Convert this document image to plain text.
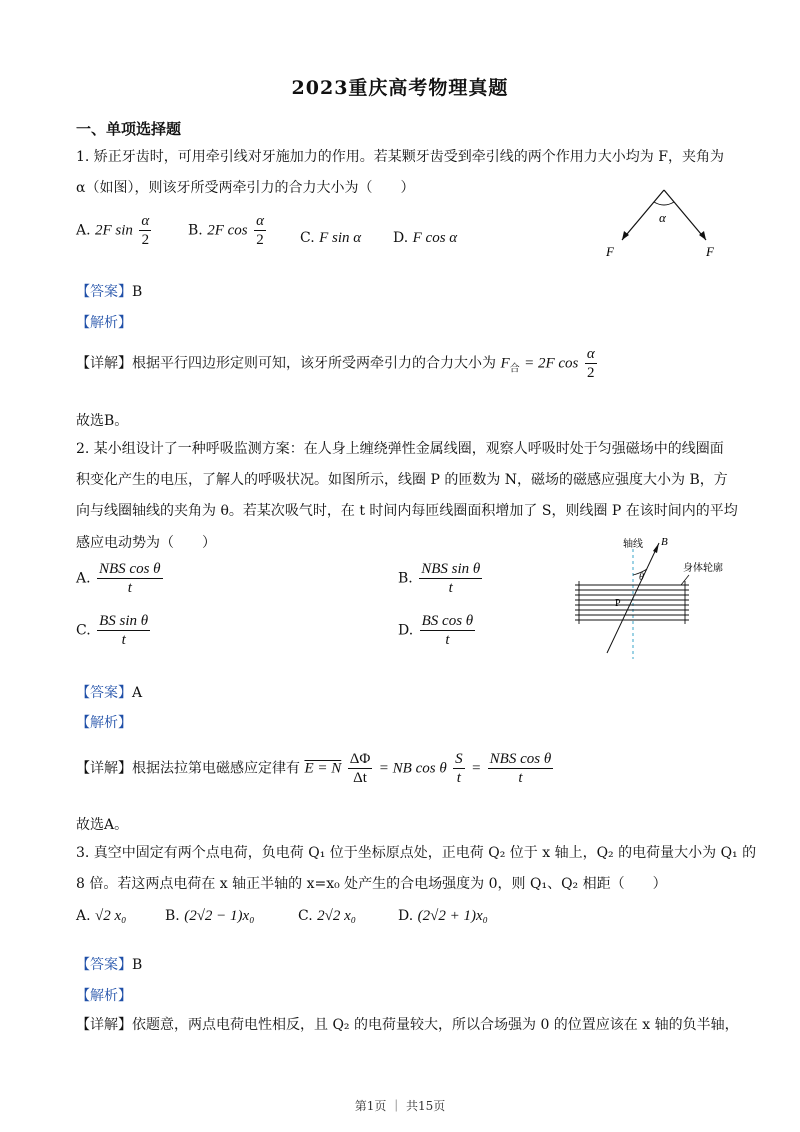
2023重庆高考物理真题
一、单项选择题
1. 矫正牙齿时，可用牵引线对牙施加力的作用。若某颗牙齿受到牵引线的两个作用力大小均为 F，夹角为
α（如图），则该牙所受两牵引力的合力大小为（　　）
A. 2F $\sin \frac{\alpha}{2}$	B. 2F $\cos \frac{\alpha}{2} C$. F sin α D. F cos α
α
F	F
【答案】B
【解析】
【详解】根据平行四边形定则可知，该牙所受两牵引力的合力大小为 $F_合 = 2F$ $\cos \frac{\alpha}{2}$
故选B。
2. 某小组设计了一种呼吸监测方案：在人身上缠绕弹性金属线圈，观察人呼吸时处于匀强磁场中的线圈面
积变化产生的电压，了解人的呼吸状况。如图所示，线圈 P 的匝数为 N，磁场的磁感应强度大小为 B，方
向与线圈轴线的夹角为 θ。若某次吸气时，在 t 时间内每匝线圈面积增加了 S，则线圈 P 在该时间内的平均
感应电动势为（　　）
A. $\frac{\text{NBS cos θ}}{t}$	B. $\frac{\text{NBS sin θ}}{t}$
C. $\frac{\text{BS sin θ}}{t}$	D. $\frac{\text{BS cos θ}}{t}$
轴线 B
θ
身体轮廓
P
【答案】A
【解析】
【详解】根据法拉第电磁感应定律有 E = N $\frac{\Delta\Phi}{\Delta t}$ = NB cos θ $\frac{S}{t} = \frac{\text{NBS cos θ}}{t}$
故选A。
3. 真空中固定有两个点电荷，负电荷 Q₁ 位于坐标原点处，正电荷 Q₂ 位于 x 轴上，Q₂ 的电荷量大小为 Q₁ 的
8 倍。若这两点电荷在 x 轴正半轴的 x=x₀ 处产生的合电场强度为 0，则 Q₁、Q₂ 相距（　　）
A. √2 x₀	B. (2√2 − 1)x₀	C. 2√2 x₀	D. (2√2 + 1)x₀
【答案】B
【解析】
【详解】依题意，两点电荷电性相反，且 Q₂ 的电荷量较大，所以合场强为 0 的位置应该在 x 轴的负半轴，
第1页 ｜ 共15页
